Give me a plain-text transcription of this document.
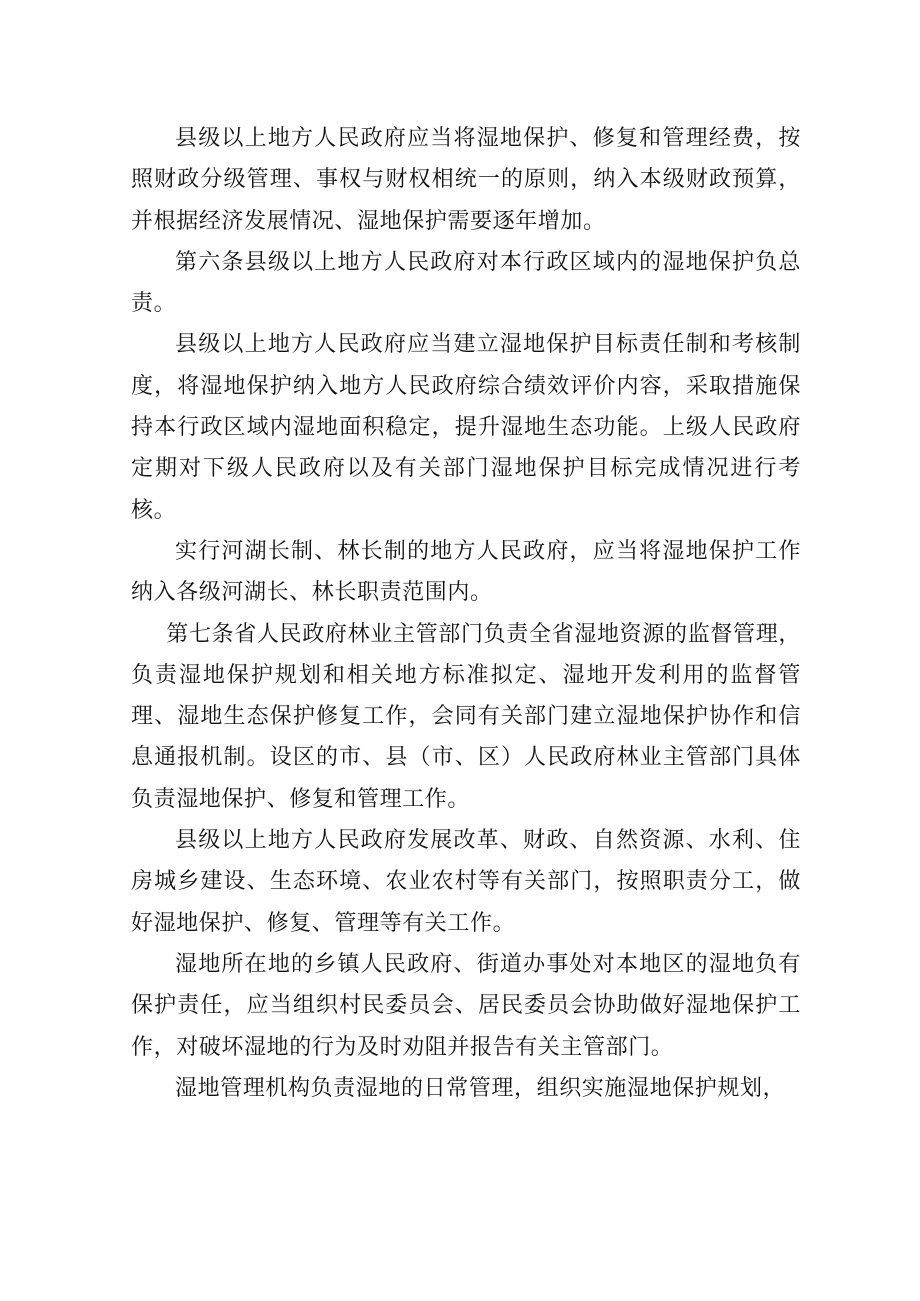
县级以上地方人民政府应当将湿地保护、修复和管理经费，按照财政分级管理、事权与财权相统一的原则，纳入本级财政预算，并根据经济发展情况、湿地保护需要逐年增加。

第六条县级以上地方人民政府对本行政区域内的湿地保护负总责。

县级以上地方人民政府应当建立湿地保护目标责任制和考核制度，将湿地保护纳入地方人民政府综合绩效评价内容，采取措施保持本行政区域内湿地面积稳定，提升湿地生态功能。上级人民政府定期对下级人民政府以及有关部门湿地保护目标完成情况进行考核。

实行河湖长制、林长制的地方人民政府，应当将湿地保护工作纳入各级河湖长、林长职责范围内。

第七条省人民政府林业主管部门负责全省湿地资源的监督管理，负责湿地保护规划和相关地方标准拟定、湿地开发利用的监督管理、湿地生态保护修复工作，会同有关部门建立湿地保护协作和信息通报机制。设区的市、县（市、区）人民政府林业主管部门具体负责湿地保护、修复和管理工作。

县级以上地方人民政府发展改革、财政、自然资源、水利、住房城乡建设、生态环境、农业农村等有关部门，按照职责分工，做好湿地保护、修复、管理等有关工作。

湿地所在地的乡镇人民政府、街道办事处对本地区的湿地负有保护责任，应当组织村民委员会、居民委员会协助做好湿地保护工作，对破坏湿地的行为及时劝阻并报告有关主管部门。

湿地管理机构负责湿地的日常管理，组织实施湿地保护规划，
